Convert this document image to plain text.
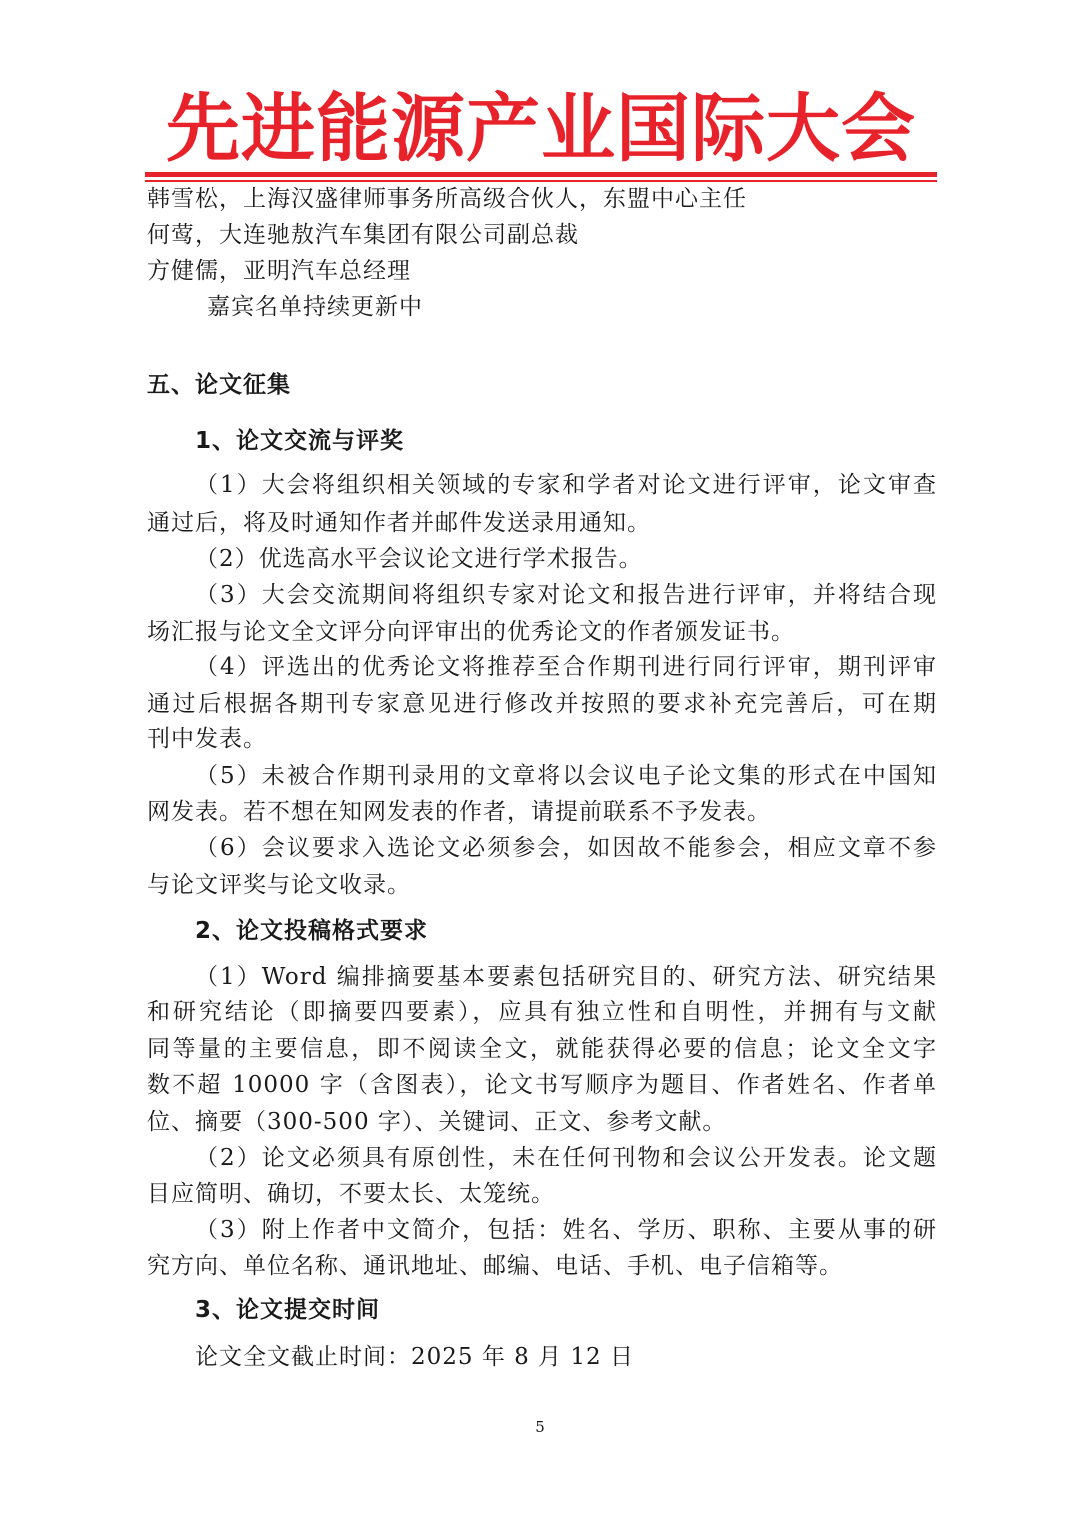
先进能源产业国际大会
韩雪松，上海汉盛律师事务所高级合伙人，东盟中心主任
何莺，大连驰敖汽车集团有限公司副总裁
方健儒，亚明汽车总经理
嘉宾名单持续更新中
五、论文征集
1、论文交流与评奖
（1）大会将组织相关领域的专家和学者对论文进行评审，论文审查
通过后，将及时通知作者并邮件发送录用通知。
（2）优选高水平会议论文进行学术报告。
（3）大会交流期间将组织专家对论文和报告进行评审，并将结合现
场汇报与论文全文评分向评审出的优秀论文的作者颁发证书。
（4）评选出的优秀论文将推荐至合作期刊进行同行评审，期刊评审
通过后根据各期刊专家意见进行修改并按照的要求补充完善后，可在期
刊中发表。
（5）未被合作期刊录用的文章将以会议电子论文集的形式在中国知
网发表。若不想在知网发表的作者，请提前联系不予发表。
（6）会议要求入选论文必须参会，如因故不能参会，相应文章不参
与论文评奖与论文收录。
2、论文投稿格式要求
（1）Word 编排摘要基本要素包括研究目的、研究方法、研究结果
和研究结论（即摘要四要素），应具有独立性和自明性，并拥有与文献
同等量的主要信息，即不阅读全文，就能获得必要的信息；论文全文字
数不超 10000 字（含图表），论文书写顺序为题目、作者姓名、作者单
位、摘要（300-500 字）、关键词、正文、参考文献。
（2）论文必须具有原创性，未在任何刊物和会议公开发表。论文题
目应简明、确切，不要太长、太笼统。
（3）附上作者中文简介，包括：姓名、学历、职称、主要从事的研
究方向、单位名称、通讯地址、邮编、电话、手机、电子信箱等。
3、论文提交时间
论文全文截止时间：2025 年 8 月 12 日
5
